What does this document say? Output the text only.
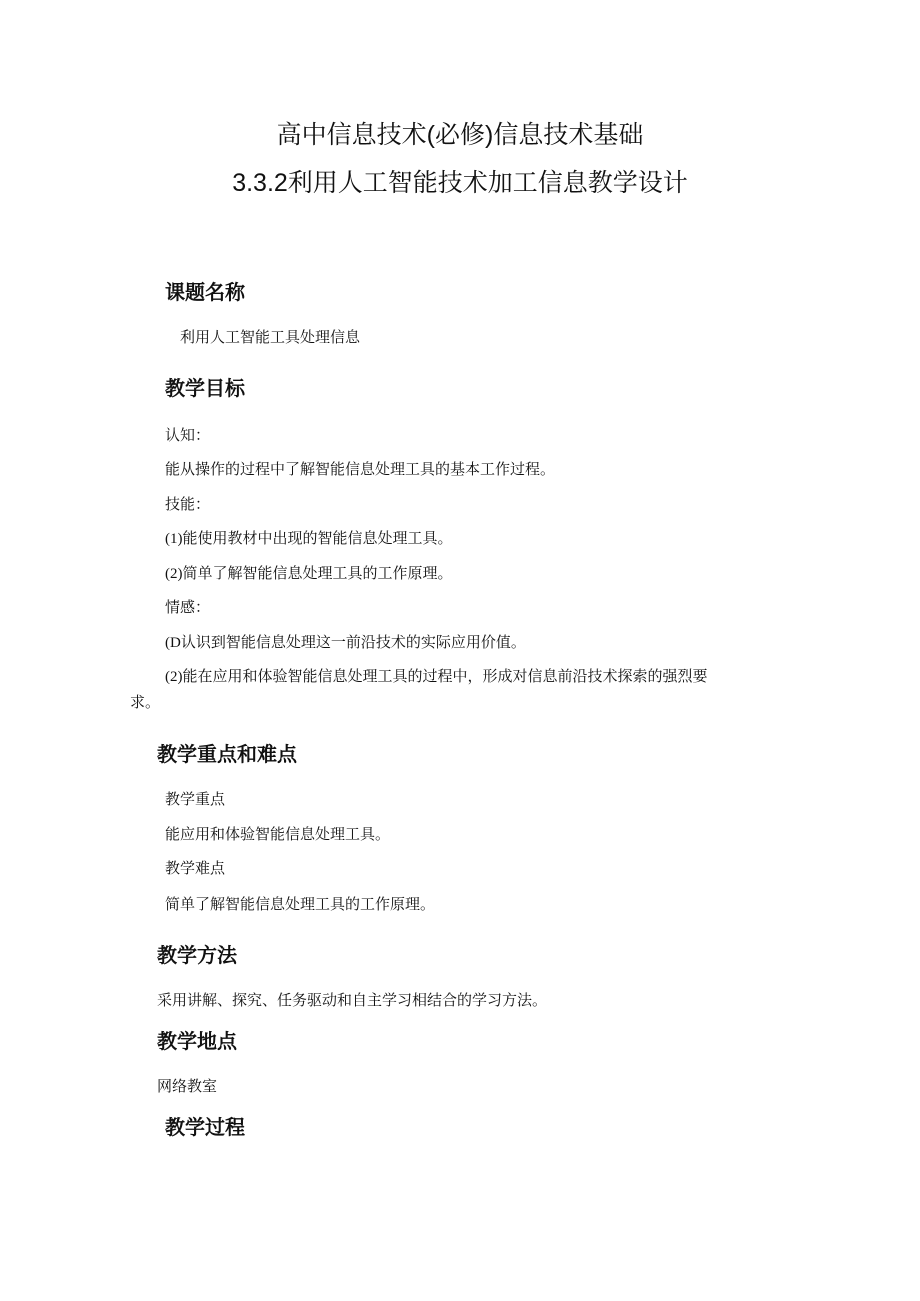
高中信息技术(必修)信息技术基础
3.3.2利用人工智能技术加工信息教学设计
课题名称
利用人工智能工具处理信息
教学目标
认知：
能从操作的过程中了解智能信息处理工具的基本工作过程。
技能：
(1)能使用教材中出现的智能信息处理工具。
(2)简单了解智能信息处理工具的工作原理。
情感：
(D认识到智能信息处理这一前沿技术的实际应用价值。
(2)能在应用和体验智能信息处理工具的过程中，形成对信息前沿技术探索的强烈要
求。
教学重点和难点
教学重点
能应用和体验智能信息处理工具。
教学难点
简单了解智能信息处理工具的工作原理。
教学方法
采用讲解、探究、任务驱动和自主学习相结合的学习方法。
教学地点
网络教室
教学过程
